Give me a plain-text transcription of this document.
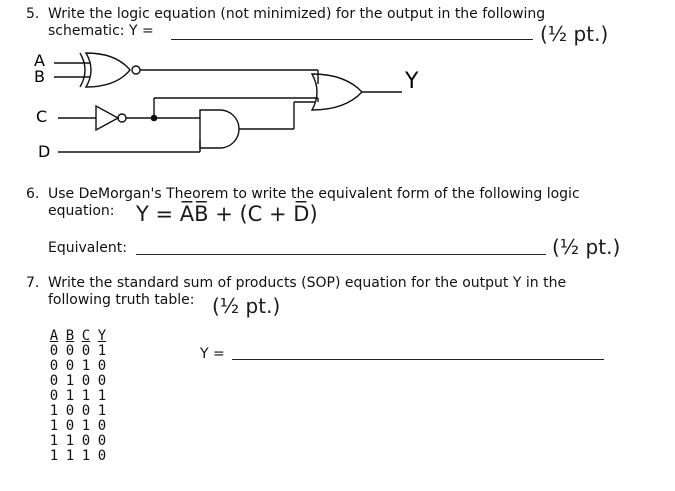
5. Write the logic equation (not minimized) for the output in the following
schematic: Y =	(½ pt.)
A
B
C
D
Y
6. Use DeMorgan's Theorem to write the equivalent form of the following logic
equation: Y = A̅B̅ + (C + D̅)
Equivalent:	(½ pt.)
7. Write the standard sum of products (SOP) equation for the output Y in the
following truth table: (½ pt.)
Y =
A	B	C	Y
0	0	0	1
0	0	1	0
0	1	0	0
0	1	1	1
1	0	0	1
1	0	1	0
1	1	0	0
1	1	1	0
